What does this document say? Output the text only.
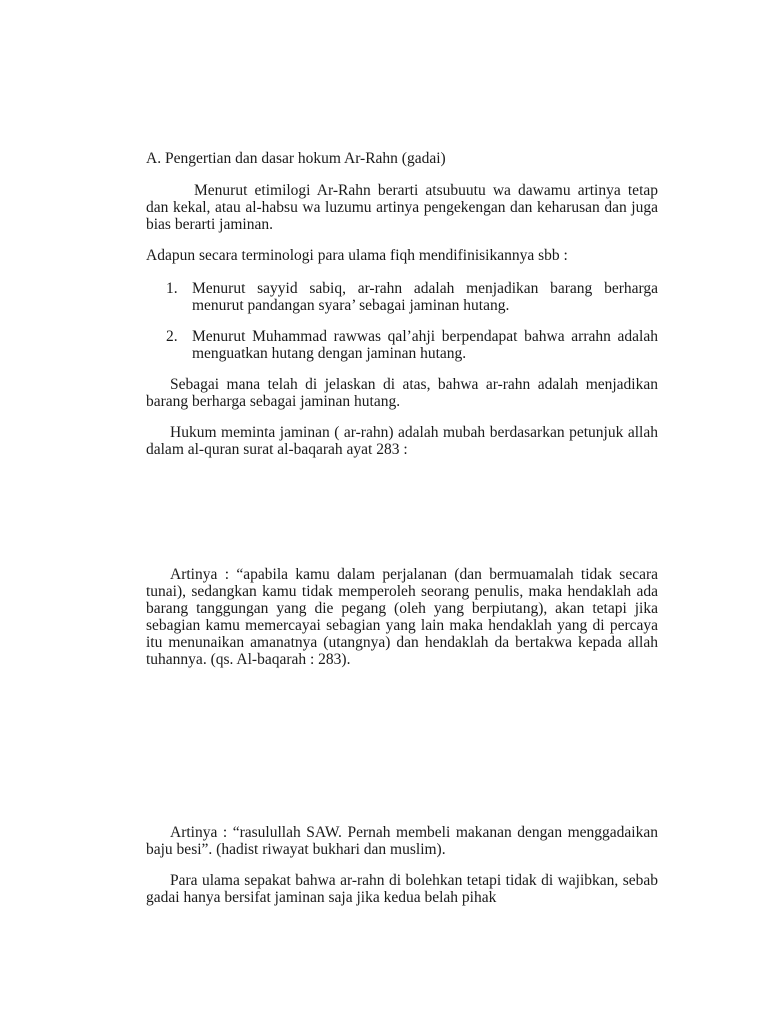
A. Pengertian dan dasar hokum Ar-Rahn (gadai)

Menurut etimilogi Ar-Rahn berarti atsubuutu wa dawamu artinya tetap dan kekal, atau al-habsu wa luzumu artinya pengekengan dan keharusan dan juga bias berarti jaminan.

Adapun secara terminologi para ulama fiqh mendifinisikannya sbb :

1. Menurut sayyid sabiq, ar-rahn adalah menjadikan barang berharga menurut pandangan syara’ sebagai jaminan hutang.
2. Menurut Muhammad rawwas qal’ahji berpendapat bahwa arrahn adalah menguatkan hutang dengan jaminan hutang.

Sebagai mana telah di jelaskan di atas, bahwa ar-rahn adalah menjadikan barang berharga sebagai jaminan hutang.

Hukum meminta jaminan ( ar-rahn) adalah mubah berdasarkan petunjuk allah dalam al-quran surat al-baqarah ayat 283 :

Artinya : “apabila kamu dalam perjalanan (dan bermuamalah tidak secara tunai), sedangkan kamu tidak memperoleh seorang penulis, maka hendaklah ada barang tanggungan yang die pegang (oleh yang berpiutang), akan tetapi jika sebagian kamu memercayai sebagian yang lain maka hendaklah yang di percaya itu menunaikan amanatnya (utangnya) dan hendaklah da bertakwa kepada allah tuhannya. (qs. Al-baqarah : 283).

Artinya : “rasulullah SAW. Pernah membeli makanan dengan menggadaikan baju besi”. (hadist riwayat bukhari dan muslim).

Para ulama sepakat bahwa ar-rahn di bolehkan tetapi tidak di wajibkan, sebab gadai hanya bersifat jaminan saja jika kedua belah pihak
